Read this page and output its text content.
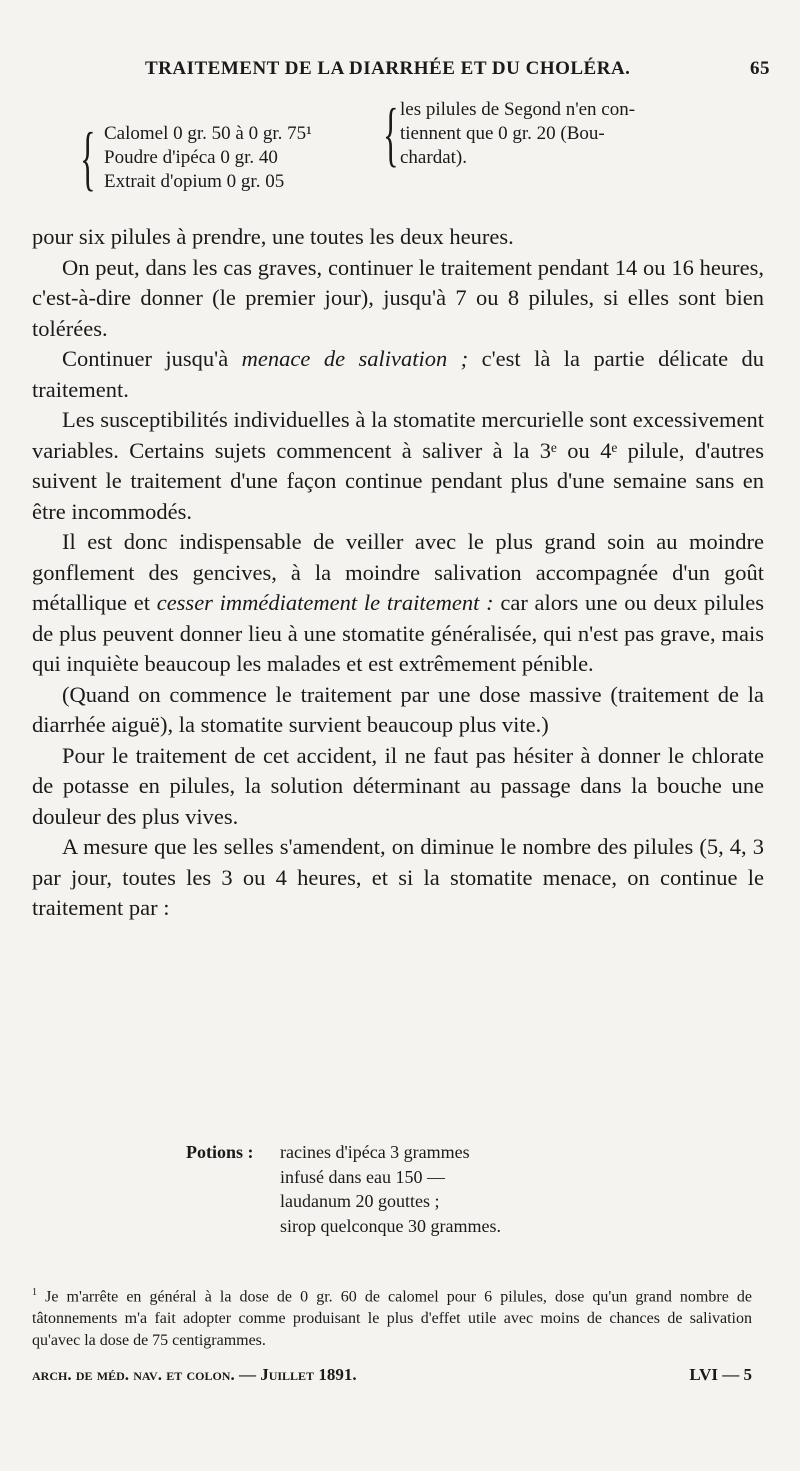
TRAITEMENT DE LA DIARRHÉE ET DU CHOLÉRA.	65
{ Calomel 0 gr. 50 à 0 gr. 75¹
Poudre d'ipéca 0 gr. 40
Extrait d'opium 0 gr. 05
{ les pilules de Segond n'en con-
tiennent que 0 gr. 20 (Bou-
chardat).

pour six pilules à prendre, une toutes les deux heures.

On peut, dans les cas graves, continuer le traitement pendant 14 ou 16 heures, c'est-à-dire donner (le premier jour), jusqu'à 7 ou 8 pilules, si elles sont bien tolérées.

Continuer jusqu'à menace de salivation ; c'est là la partie délicate du traitement.

Les susceptibilités individuelles à la stomatite mercurielle sont excessivement variables. Certains sujets commencent à saliver à la 3ᵉ ou 4ᵉ pilule, d'autres suivent le traitement d'une façon continue pendant plus d'une semaine sans en être incommodés.

Il est donc indispensable de veiller avec le plus grand soin au moindre gonflement des gencives, à la moindre salivation accompagnée d'un goût métallique et cesser immédiatement le traitement : car alors une ou deux pilules de plus peuvent donner lieu à une stomatite généralisée, qui n'est pas grave, mais qui inquiète beaucoup les malades et est extrêmement pénible.

(Quand on commence le traitement par une dose massive (traitement de la diarrhée aiguë), la stomatite survient beaucoup plus vite.)

Pour le traitement de cet accident, il ne faut pas hésiter à donner le chlorate de potasse en pilules, la solution déterminant au passage dans la bouche une douleur des plus vives.

A mesure que les selles s'amendent, on diminue le nombre des pilules (5, 4, 3 par jour, toutes les 3 ou 4 heures, et si la stomatite menace, on continue le traitement par :

Potions : racines d'ipéca 3 grammes
infusé dans eau 150 —
laudanum 20 gouttes ;
sirop quelconque 30 grammes.
$^1$ Je m'arrête en général à la dose de 0 gr. 60 de calomel pour 6 pilules, dose qu'un grand nombre de tâtonnements m'a fait adopter comme produisant le plus d'effet utile avec moins de chances de salivation qu'avec la dose de 75 centigrammes.
arch. de méd. nav. et colon. — Juillet 1891.	LVI — 5
